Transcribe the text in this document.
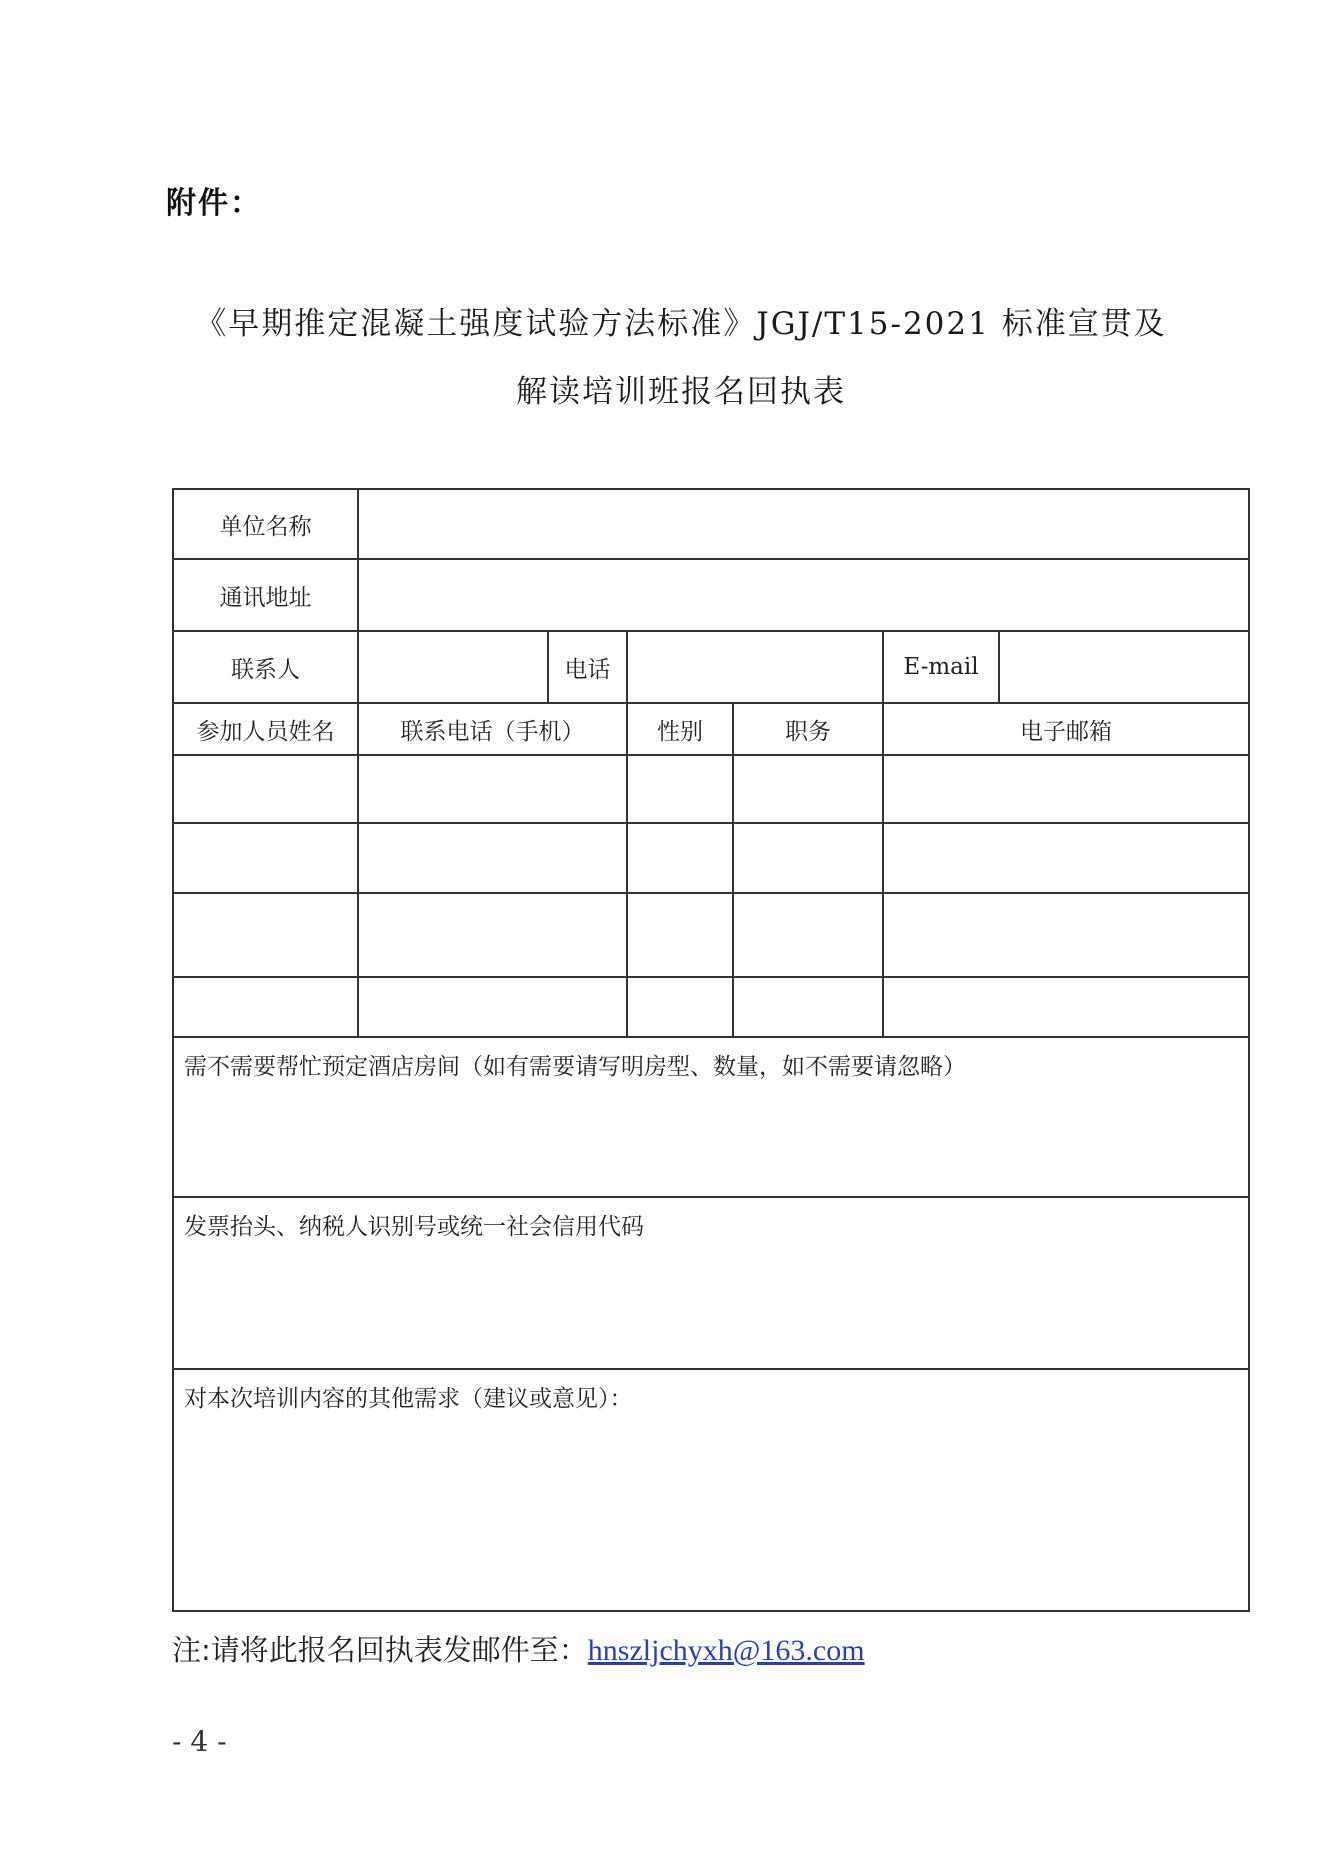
附件：
《早期推定混凝土强度试验方法标准》JGJ/T15-2021 标准宣贯及
解读培训班报名回执表
单位名称					
通讯地址					
联系人		电话		E-mail	
参加人员姓名	联系电话（手机）	性别	职务	电子邮箱

需不需要帮忙预定酒店房间（如有需要请写明房型、数量，如不需要请忽略）				
发票抬头、纳税人识别号或统一社会信用代码				
对本次培训内容的其他需求（建议或意见）：				
注:请将此报名回执表发邮件至：hnszljchyxh@163.com
- 4 -
